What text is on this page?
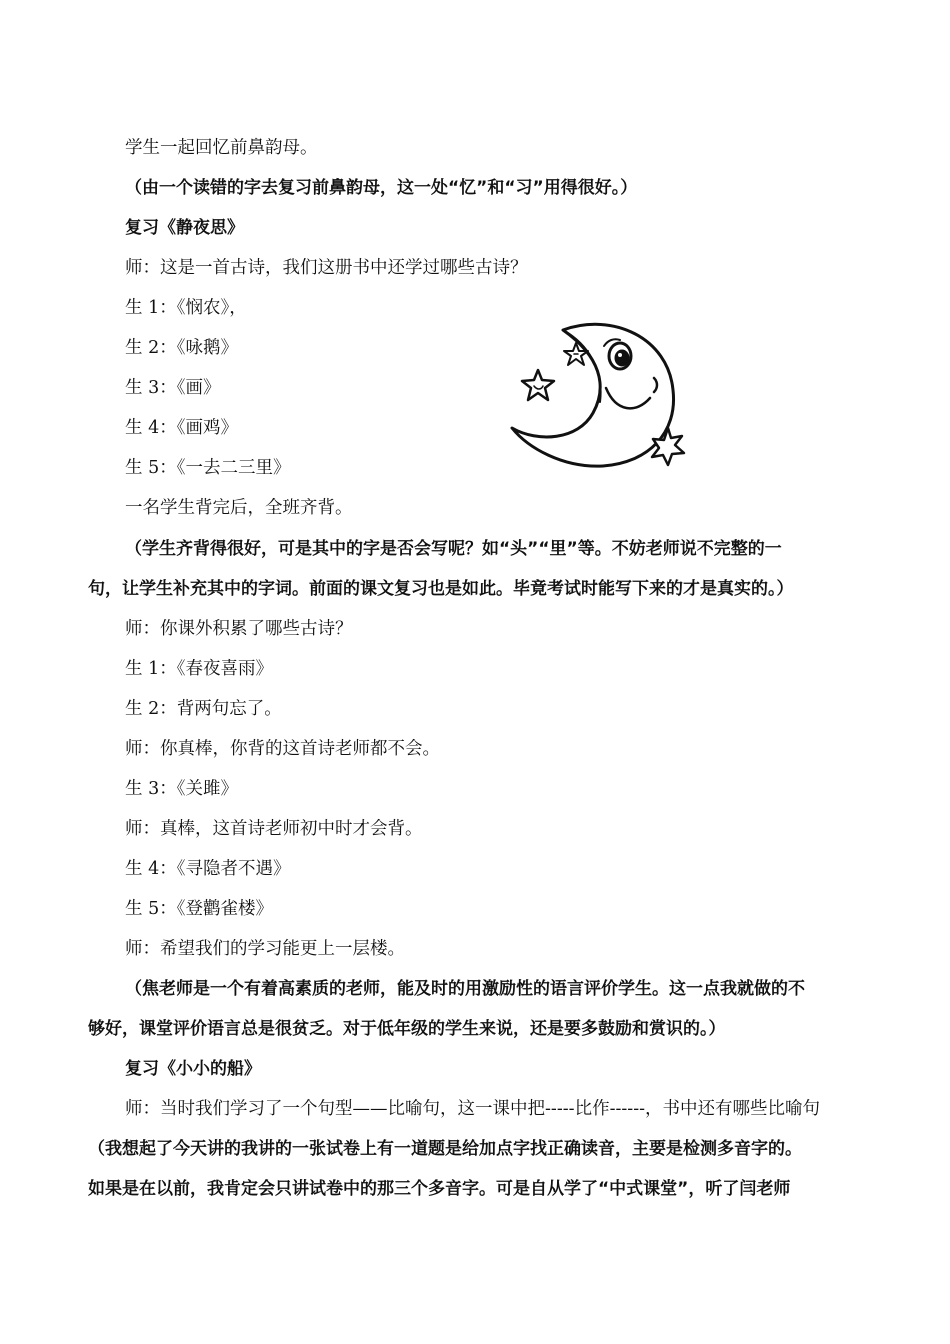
学生一起回忆前鼻韵母。
（由一个读错的字去复习前鼻韵母，这一处“忆”和“习”用得很好。）
复习《静夜思》
师：这是一首古诗，我们这册书中还学过哪些古诗？
生 1：《悯农》，
生 2：《咏鹅》
生 3：《画》
生 4：《画鸡》
生 5：《一去二三里》
一名学生背完后，全班齐背。
（学生齐背得很好，可是其中的字是否会写呢？如“头”“里”等。不妨老师说不完整的一
句，让学生补充其中的字词。前面的课文复习也是如此。毕竟考试时能写下来的才是真实的。）
师：你课外积累了哪些古诗？
生 1：《春夜喜雨》
生 2：背两句忘了。
师：你真棒，你背的这首诗老师都不会。
生 3：《关雎》
师：真棒，这首诗老师初中时才会背。
生 4：《寻隐者不遇》
生 5：《登鹳雀楼》
师：希望我们的学习能更上一层楼。
（焦老师是一个有着高素质的老师，能及时的用激励性的语言评价学生。这一点我就做的不
够好，课堂评价语言总是很贫乏。对于低年级的学生来说，还是要多鼓励和赏识的。）
复习《小小的船》
师：当时我们学习了一个句型——比喻句，这一课中把-----比作------，书中还有哪些比喻句
（我想起了今天讲的我讲的一张试卷上有一道题是给加点字找正确读音，主要是检测多音字的。
如果是在以前，我肯定会只讲试卷中的那三个多音字。可是自从学了“中式课堂”，听了闫老师
